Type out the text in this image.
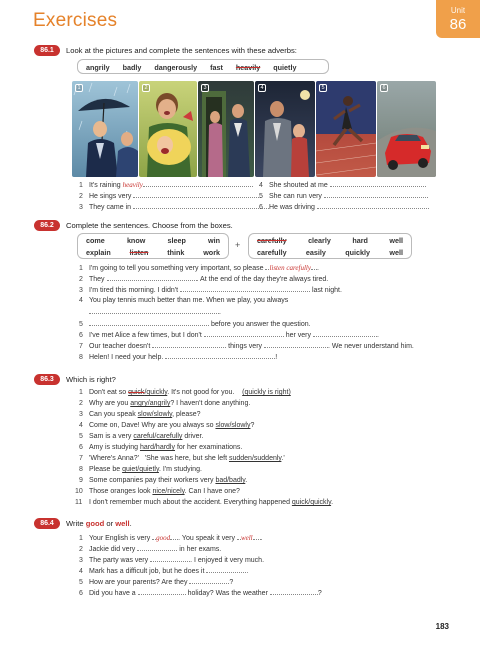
Exercises	Unit
86
86.1	Look at the pictures and complete the sentences with these adverbs:
angrily badly dangerously fast heavily quietly
1	2	3	4	5	6
1 It's raining heavily
2 He sings very
3 They came in
4 She shouted at me
5 She can run very
6 He was driving
86.2	Complete the sentences. Choose from the boxes.
come	know	sleep	win
explain	listen	think	work
+ carefully	clearly	hard	well
carefully	easily	quickly	well
1 I'm going to tell you something very important, so please listen carefully .
2 They	. At the end of the day they're always tired.
3 I'm tired this morning. I didn't	last night.
4 You play tennis much better than me. When we play, you always
.
5	before you answer the question.
6 I've met Alice a few times, but I don't	her very	.
7 Our teacher doesn't	things very	. We never understand him.
8 Helen! I need your help.	!
86.3	Which is right?
1 Don't eat so quick/quickly. It's not good for you. (quickly is right)
2 Why are you angry/angrily? I haven't done anything.
3 Can you speak slow/slowly, please?
4 Come on, Dave! Why are you always so slow/slowly?
5 Sam is a very careful/carefully driver.
6 Amy is studying hard/hardly for her examinations.
7 'Where's Anna?'   'She was here, but she left sudden/suddenly.'
8 Please be quiet/quietly. I'm studying.
9 Some companies pay their workers very bad/badly.
10 Those oranges look nice/nicely. Can I have one?
11 I don't remember much about the accident. Everything happened quick/quickly.
86.4	Write good or well.
1 Your English is very good . You speak it very well .
2 Jackie did very	in her exams.
3 The party was very	. I enjoyed it very much.
4 Mark has a difficult job, but he does it	.
5 How are your parents? Are they	?
6 Did you have a	holiday? Was the weather	?
183
